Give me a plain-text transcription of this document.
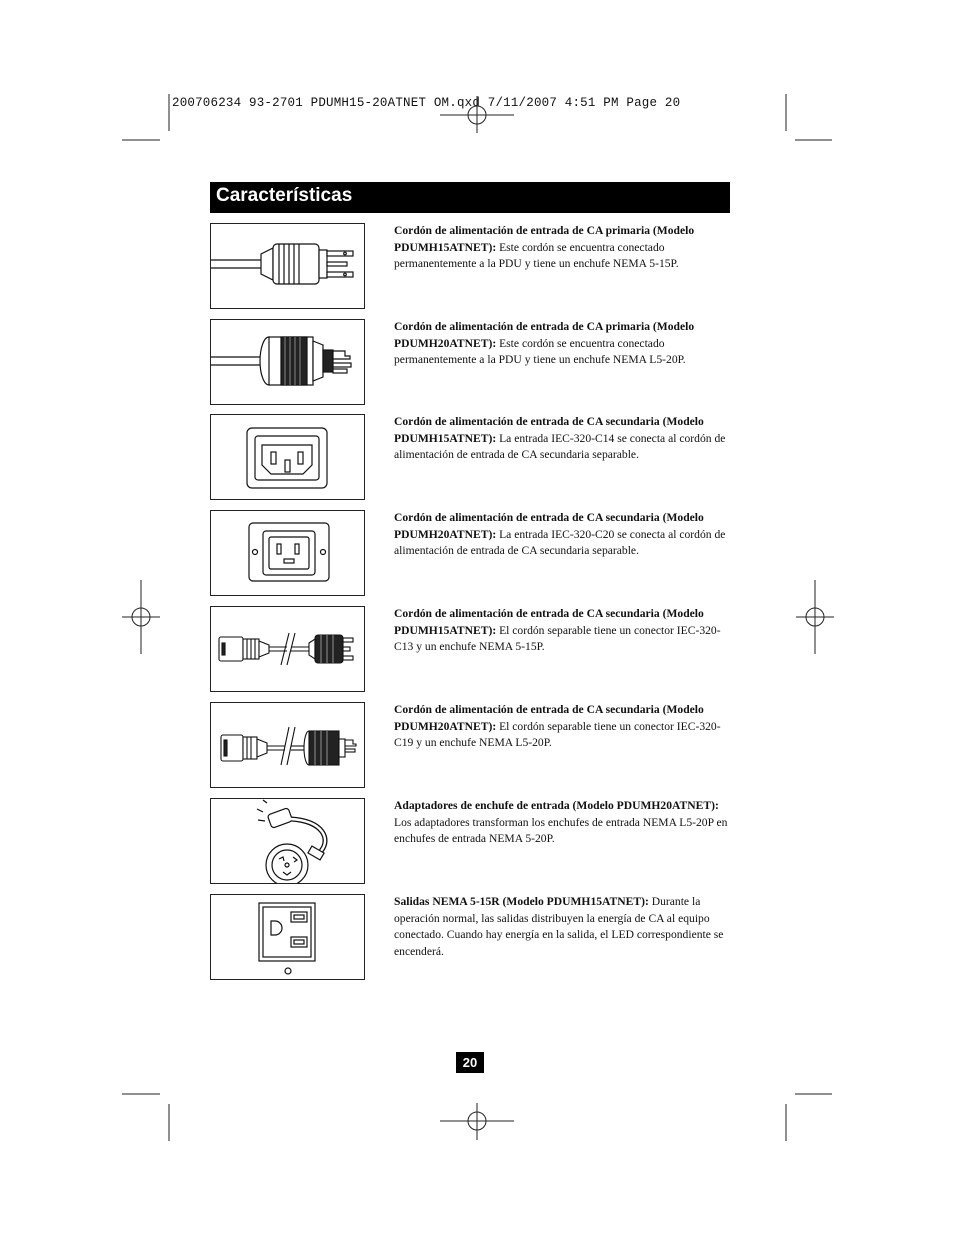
200706234 93-2701 PDUMH15-20ATNET OM.qxd 7/11/2007 4:51 PM Page 20
Características
Cordón de alimentación de entrada de CA primaria (Modelo PDUMH15ATNET): Este cordón se encuentra conectado permanentemente a la PDU y tiene un enchufe NEMA 5-15P.
Cordón de alimentación de entrada de CA primaria (Modelo PDUMH20ATNET): Este cordón se encuentra conectado permanentemente a la PDU y tiene un enchufe NEMA L5-20P.
Cordón de alimentación de entrada de CA secundaria (Modelo PDUMH15ATNET): La entrada IEC-320-C14 se conecta al cordón de alimentación de entrada de CA secundaria separable.
Cordón de alimentación de entrada de CA secundaria (Modelo PDUMH20ATNET): La entrada IEC-320-C20 se conecta al cordón de alimentación de entrada de CA secundaria separable.
Cordón de alimentación de entrada de CA secundaria (Modelo PDUMH15ATNET): El cordón separable tiene un conector IEC-320-C13 y un enchufe NEMA 5-15P.
Cordón de alimentación de entrada de CA secundaria (Modelo PDUMH20ATNET): El cordón separable tiene un conector IEC-320-C19 y un enchufe NEMA L5-20P.
Adaptadores de enchufe de entrada (Modelo PDUMH20ATNET): Los adaptadores transforman los enchufes de entrada NEMA L5-20P en enchufes de entrada NEMA 5-20P.
Salidas NEMA 5-15R (Modelo PDUMH15ATNET): Durante la operación normal, las salidas distribuyen la energía de CA al equipo conectado. Cuando hay energía en la salida, el LED correspondiente se encenderá.
20
